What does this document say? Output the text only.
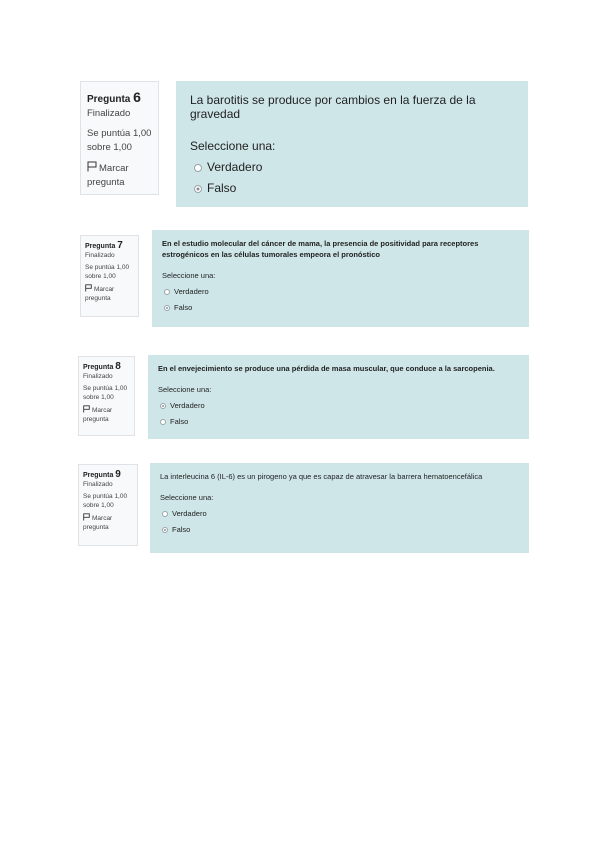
Pregunta 6
Finalizado
Se puntúa 1,00 sobre 1,00
Marcar pregunta
La barotitis se produce por cambios en la fuerza de la gravedad
Seleccione una:
Verdadero
Falso
Pregunta 7
Finalizado
Se puntúa 1,00 sobre 1,00
Marcar pregunta
En el estudio molecular del cáncer de mama, la presencia de positividad para receptores estrogénicos en las células tumorales empeora el pronóstico
Seleccione una:
Verdadero
Falso
Pregunta 8
Finalizado
Se puntúa 1,00 sobre 1,00
Marcar pregunta
En el envejecimiento se produce una pérdida de masa muscular, que conduce a la sarcopenia.
Seleccione una:
Verdadero
Falso
Pregunta 9
Finalizado
Se puntúa 1,00 sobre 1,00
Marcar pregunta
La interleucina 6 (IL-6) es un pirogeno ya que es capaz de atravesar la barrera hematoencefálica
Seleccione una:
Verdadero
Falso
